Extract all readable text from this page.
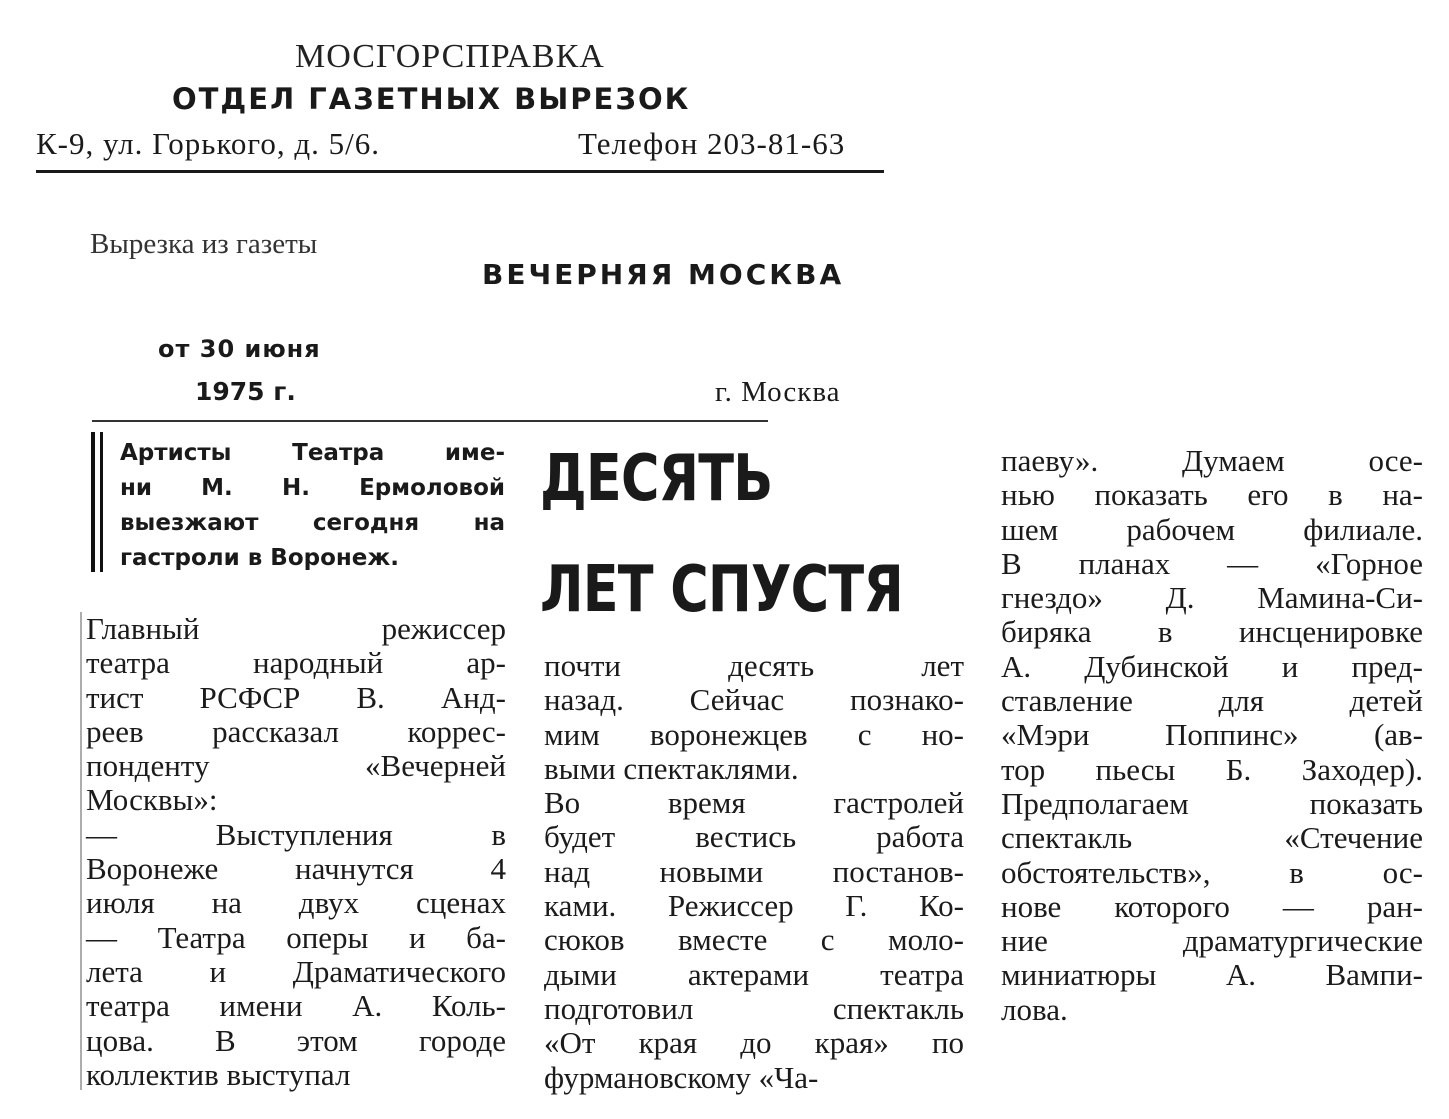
МОСГОРСПРАВКА
ОТДЕЛ ГАЗЕТНЫХ ВЫРЕЗОК
К-9, ул. Горького, д. 5/6.	Телефон 203-81-63
Вырезка из газеты
ВЕЧЕРНЯЯ МОСКВА
от 30 июня
1975 г.	г. Москва
Артисты Театра име-
ни М. Н. Ермоловой
выезжают сегодня на
гастроли в Воронеж.
ДЕСЯТЬ
ЛЕТ СПУСТЯ
Главный режиссер
театра народный ар-
тист РСФСР В. Анд-
реев рассказал коррес-
понденту «Вечерней
Москвы»:
— Выступления в
Воронеже начнутся 4
июля на двух сценах
— Театра оперы и ба-
лета и Драматического
театра имени А. Коль-
цова. В этом городе
коллектив выступал
почти десять лет
назад. Сейчас познако-
мим воронежцев с но-
выми спектаклями.
Во время гастролей
будет вестись работа
над новыми постанов-
ками. Режиссер Г. Ко-
сюков вместе с моло-
дыми актерами театра
подготовил спектакль
«От края до края» по
фурмановскому «Ча-
паеву». Думаем осе-
нью показать его в на-
шем рабочем филиале.
В планах — «Горное
гнездо» Д. Мамина-Си-
биряка в инсценировке
А. Дубинской и пред-
ставление для детей
«Мэри Поппинс» (ав-
тор пьесы Б. Заходер).
Предполагаем показать
спектакль «Стечение
обстоятельств», в ос-
нове которого — ран-
ние драматургические
миниатюры А. Вампи-
лова.
